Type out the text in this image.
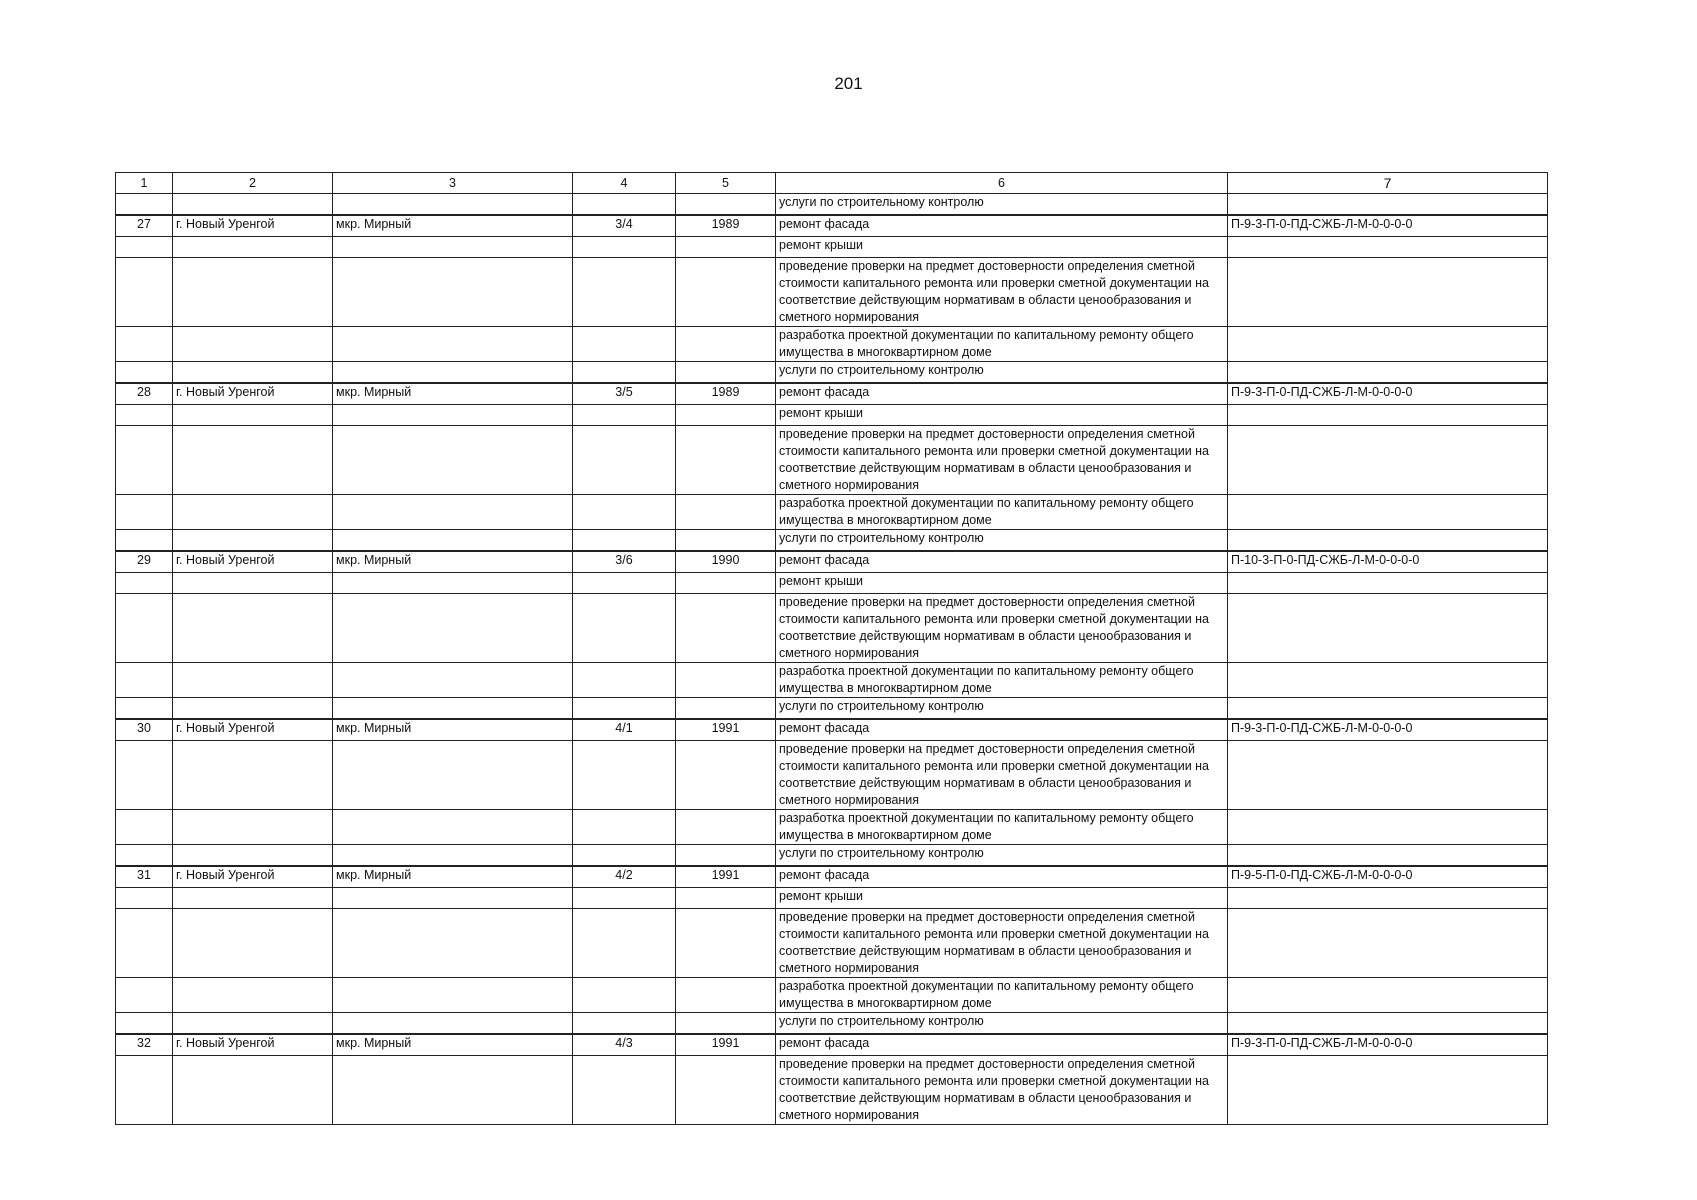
201
1	2	3	4	5	6	7
					услуги по строительному контролю	
27	г. Новый Уренгой	мкр. Мирный	3/4	1989	ремонт фасада	П-9-3-П-0-ПД-СЖБ-Л-М-0-0-0-0
					ремонт крыши	
					проведение проверки на предмет достоверности определения сметной стоимости капитального ремонта или проверки сметной документации на соответствие действующим нормативам в области ценообразования и сметного нормирования	
					разработка проектной документации по капитальному ремонту общего имущества в многоквартирном доме	
					услуги по строительному контролю	
28	г. Новый Уренгой	мкр. Мирный	3/5	1989	ремонт фасада	П-9-3-П-0-ПД-СЖБ-Л-М-0-0-0-0
					ремонт крыши	
					проведение проверки на предмет достоверности определения сметной стоимости капитального ремонта или проверки сметной документации на соответствие действующим нормативам в области ценообразования и сметного нормирования	
					разработка проектной документации по капитальному ремонту общего имущества в многоквартирном доме	
					услуги по строительному контролю	
29	г. Новый Уренгой	мкр. Мирный	3/6	1990	ремонт фасада	П-10-3-П-0-ПД-СЖБ-Л-М-0-0-0-0
					ремонт крыши	
					проведение проверки на предмет достоверности определения сметной стоимости капитального ремонта или проверки сметной документации на соответствие действующим нормативам в области ценообразования и сметного нормирования	
					разработка проектной документации по капитальному ремонту общего имущества в многоквартирном доме	
					услуги по строительному контролю	
30	г. Новый Уренгой	мкр. Мирный	4/1	1991	ремонт фасада	П-9-3-П-0-ПД-СЖБ-Л-М-0-0-0-0
					проведение проверки на предмет достоверности определения сметной стоимости капитального ремонта или проверки сметной документации на соответствие действующим нормативам в области ценообразования и сметного нормирования	
					разработка проектной документации по капитальному ремонту общего имущества в многоквартирном доме	
					услуги по строительному контролю	
31	г. Новый Уренгой	мкр. Мирный	4/2	1991	ремонт фасада	П-9-5-П-0-ПД-СЖБ-Л-М-0-0-0-0
					ремонт крыши	
					проведение проверки на предмет достоверности определения сметной стоимости капитального ремонта или проверки сметной документации на соответствие действующим нормативам в области ценообразования и сметного нормирования	
					разработка проектной документации по капитальному ремонту общего имущества в многоквартирном доме	
					услуги по строительному контролю	
32	г. Новый Уренгой	мкр. Мирный	4/3	1991	ремонт фасада	П-9-3-П-0-ПД-СЖБ-Л-М-0-0-0-0
					проведение проверки на предмет достоверности определения сметной стоимости капитального ремонта или проверки сметной документации на соответствие действующим нормативам в области ценообразования и сметного нормирования	
